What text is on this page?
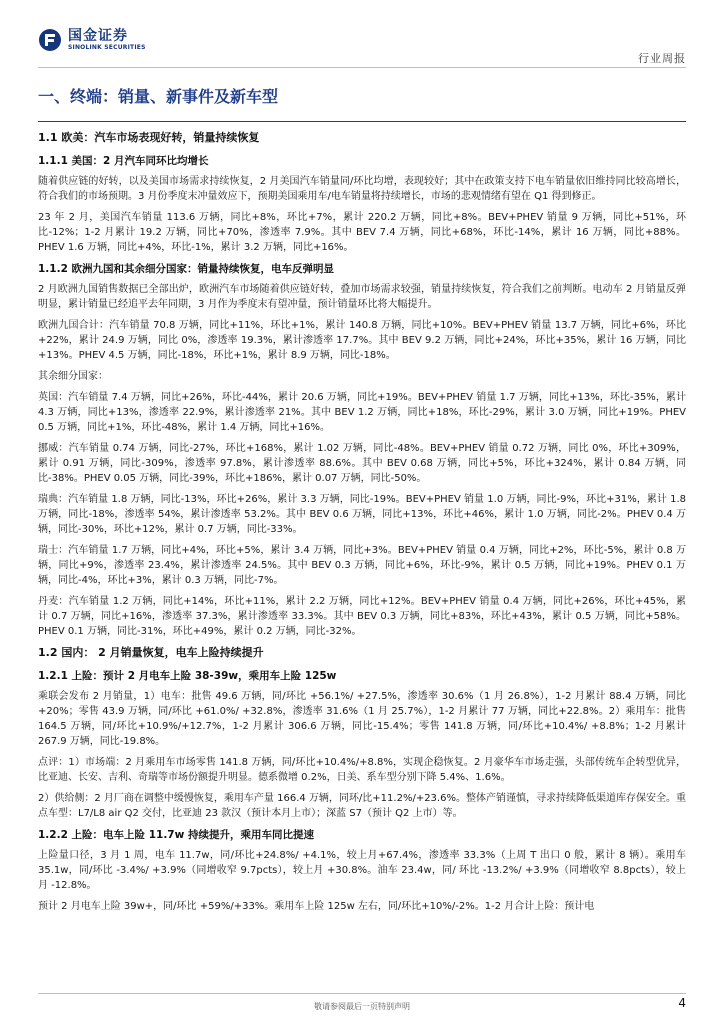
国金证券
SINOLINK SECURITIES
行业周报
一、终端：销量、新事件及新车型
1.1 欧美：汽车市场表现好转，销量持续恢复
1.1.1 美国：2 月汽车同环比均增长
随着供应链的好转，以及美国市场需求持续恢复，2 月美国汽车销量同/环比均增，表现较好；其中在政策支持下电车销量依旧维持同比较高增长，符合我们的市场预期。3 月份季度末冲量效应下，预期美国乘用车/电车销量将持续增长，市场的悲观情绪有望在 Q1 得到修正。
23 年 2 月，美国汽车销量 113.6 万辆，同比+8%，环比+7%，累计 220.2 万辆，同比+8%。BEV+PHEV 销量 9 万辆，同比+51%，环比-12%；1-2 月累计 19.2 万辆，同比+70%，渗透率 7.9%。其中 BEV 7.4 万辆，同比+68%，环比-14%，累计 16 万辆，同比+88%。PHEV 1.6 万辆，同比+4%，环比-1%，累计 3.2 万辆，同比+16%。
1.1.2 欧洲九国和其余细分国家：销量持续恢复，电车反弹明显
2 月欧洲九国销售数据已全部出炉，欧洲汽车市场随着供应链好转，叠加市场需求较强，销量持续恢复，符合我们之前判断。电动车 2 月销量反弹明显，累计销量已经追平去年同期，3 月作为季度末有望冲量，预计销量环比将大幅提升。
欧洲九国合计：汽车销量 70.8 万辆，同比+11%，环比+1%，累计 140.8 万辆，同比+10%。BEV+PHEV 销量 13.7 万辆，同比+6%，环比+22%，累计 24.9 万辆，同比 0%，渗透率 19.3%，累计渗透率 17.7%。其中 BEV 9.2 万辆，同比+24%，环比+35%，累计 16 万辆，同比+13%。PHEV 4.5 万辆，同比-18%，环比+1%，累计 8.9 万辆，同比-18%。
其余细分国家：
英国：汽车销量 7.4 万辆，同比+26%，环比-44%，累计 20.6 万辆，同比+19%。BEV+PHEV 销量 1.7 万辆，同比+13%，环比-35%，累计 4.3 万辆，同比+13%，渗透率 22.9%，累计渗透率 21%。其中 BEV 1.2 万辆，同比+18%，环比-29%，累计 3.0 万辆，同比+19%。PHEV 0.5 万辆，同比+1%，环比-48%，累计 1.4 万辆，同比+16%。
挪威：汽车销量 0.74 万辆，同比-27%，环比+168%，累计 1.02 万辆，同比-48%。BEV+PHEV 销量 0.72 万辆，同比 0%，环比+309%，累计 0.91 万辆，同比-309%，渗透率 97.8%，累计渗透率 88.6%。其中 BEV 0.68 万辆，同比+5%，环比+324%，累计 0.84 万辆，同比-38%。PHEV 0.05 万辆，同比-39%，环比+186%，累计 0.07 万辆，同比-50%。
瑞典：汽车销量 1.8 万辆，同比-13%，环比+26%，累计 3.3 万辆，同比-19%。BEV+PHEV 销量 1.0 万辆，同比-9%，环比+31%，累计 1.8 万辆，同比-18%，渗透率 54%，累计渗透率 53.2%。其中 BEV 0.6 万辆，同比+13%，环比+46%，累计 1.0 万辆，同比-2%。PHEV 0.4 万辆，同比-30%，环比+12%，累计 0.7 万辆，同比-33%。
瑞士：汽车销量 1.7 万辆，同比+4%，环比+5%，累计 3.4 万辆，同比+3%。BEV+PHEV 销量 0.4 万辆，同比+2%，环比-5%，累计 0.8 万辆，同比+9%，渗透率 23.4%，累计渗透率 24.5%。其中 BEV 0.3 万辆，同比+6%，环比-9%，累计 0.5 万辆，同比+19%。PHEV 0.1 万辆，同比-4%，环比+3%，累计 0.3 万辆，同比-7%。
丹麦：汽车销量 1.2 万辆，同比+14%，环比+11%，累计 2.2 万辆，同比+12%。BEV+PHEV 销量 0.4 万辆，同比+26%，环比+45%，累计 0.7 万辆，同比+16%，渗透率 37.3%，累计渗透率 33.3%。其中 BEV 0.3 万辆，同比+83%，环比+43%，累计 0.5 万辆，同比+58%。PHEV 0.1 万辆，同比-31%，环比+49%，累计 0.2 万辆，同比-32%。
1.2 国内： 2 月销量恢复，电车上险持续提升
1.2.1 上险：预计 2 月电车上险 38-39w，乘用车上险 125w
乘联会发布 2 月销量，1）电车：批售 49.6 万辆，同/环比 +56.1%/ +27.5%，渗透率 30.6%（1 月 26.8%），1-2 月累计 88.4 万辆，同比+20%；零售 43.9 万辆，同/环比 +61.0%/ +32.8%，渗透率 31.6%（1 月 25.7%），1-2 月累计 77 万辆，同比+22.8%。2）乘用车：批售 164.5 万辆，同/环比+10.9%/+12.7%，1-2 月累计 306.6 万辆，同比-15.4%；零售 141.8 万辆，同/环比+10.4%/ +8.8%；1-2 月累计 267.9 万辆，同比-19.8%。
点评：1）市场端：2 月乘用车市场零售 141.8 万辆，同/环比+10.4%/+8.8%，实现企稳恢复。2 月豪华车市场走强，头部传统车企转型优异，比亚迪、长安、吉利、奇瑞等市场份额提升明显。德系微增 0.2%，日美、系车型分别下降 5.4%、1.6%。
2）供给侧：2 月厂商在调整中缓慢恢复，乘用车产量 166.4 万辆，同环/比+11.2%/+23.6%。整体产销谨慎，寻求持续降低渠道库存保安全。重点车型：L7/L8 air Q2 交付，比亚迪 23 款汉（预计本月上市）；深蓝 S7（预计 Q2 上市）等。
1.2.2 上险：电车上险 11.7w 持续提升，乘用车同比提速
上险量口径，3 月 1 周，电车 11.7w，同/环比+24.8%/ +4.1%，较上月+67.4%，渗透率 33.3%（上周 T 出口 0 般，累计 8 辆）。乘用车 35.1w，同/环比 -3.4%/ +3.9%（同增收窄 9.7pcts），较上月 +30.8%。油车 23.4w，同/ 环比 -13.2%/ +3.9%（同增收窄 8.8pcts），较上月 -12.8%。
预计 2 月电车上险 39w+，同/环比 +59%/+33%。乘用车上险 125w 左右，同/环比+10%/-2%。1-2 月合计上险：预计电
敬请参阅最后一页特别声明	4
